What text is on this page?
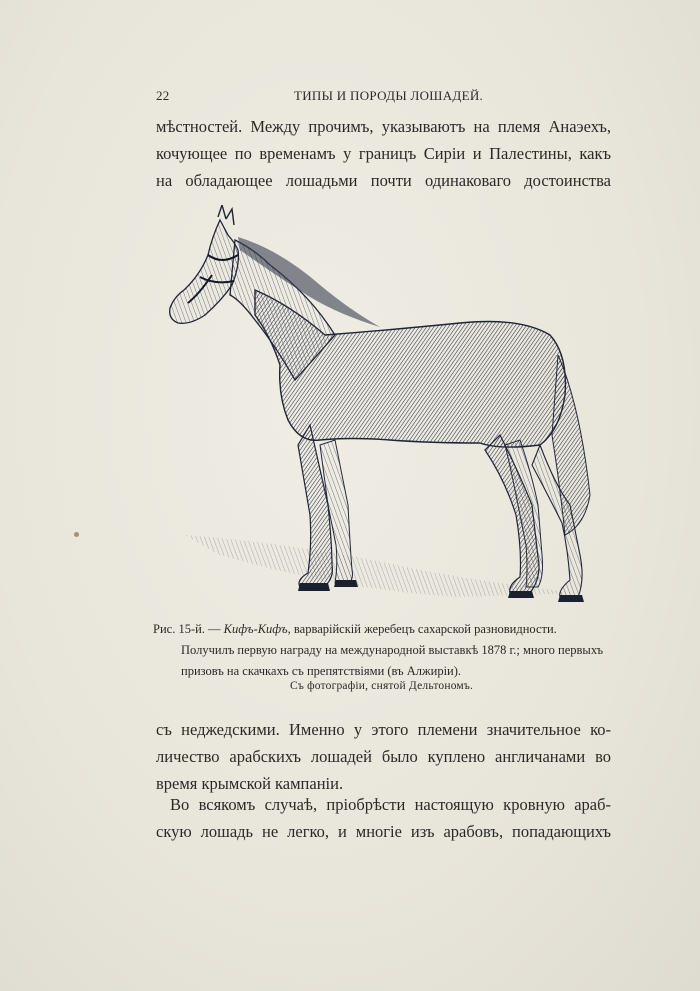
22	ТИПЫ И ПОРОДЫ ЛОШАДЕЙ.
мѣстностей. Между прочимъ, указываютъ на племя Анаэехъ,
кочующее по временамъ у границъ Сиріи и Палестины, какъ
на обладающее лошадьми почти одинаковаго достоинства
Рис. 15-й. — Кифъ-Кифъ, варварійскій жеребецъ сахарской разновидности.
Получилъ первую награду на международной выставкѣ 1878 г.; много первыхъ
призовъ на скачкахъ съ препятствіями (въ Алжиріи).
Съ фотографіи, снятой Дельтономъ.
съ неджедскими. Именно у этого племени значительное ко-
личество арабскихъ лошадей было куплено англичанами во
время крымской кампаніи.
Во всякомъ случаѣ, пріобрѣсти настоящую кровную араб-
скую лошадь не легко, и многіе изъ арабовъ, попадающихъ
